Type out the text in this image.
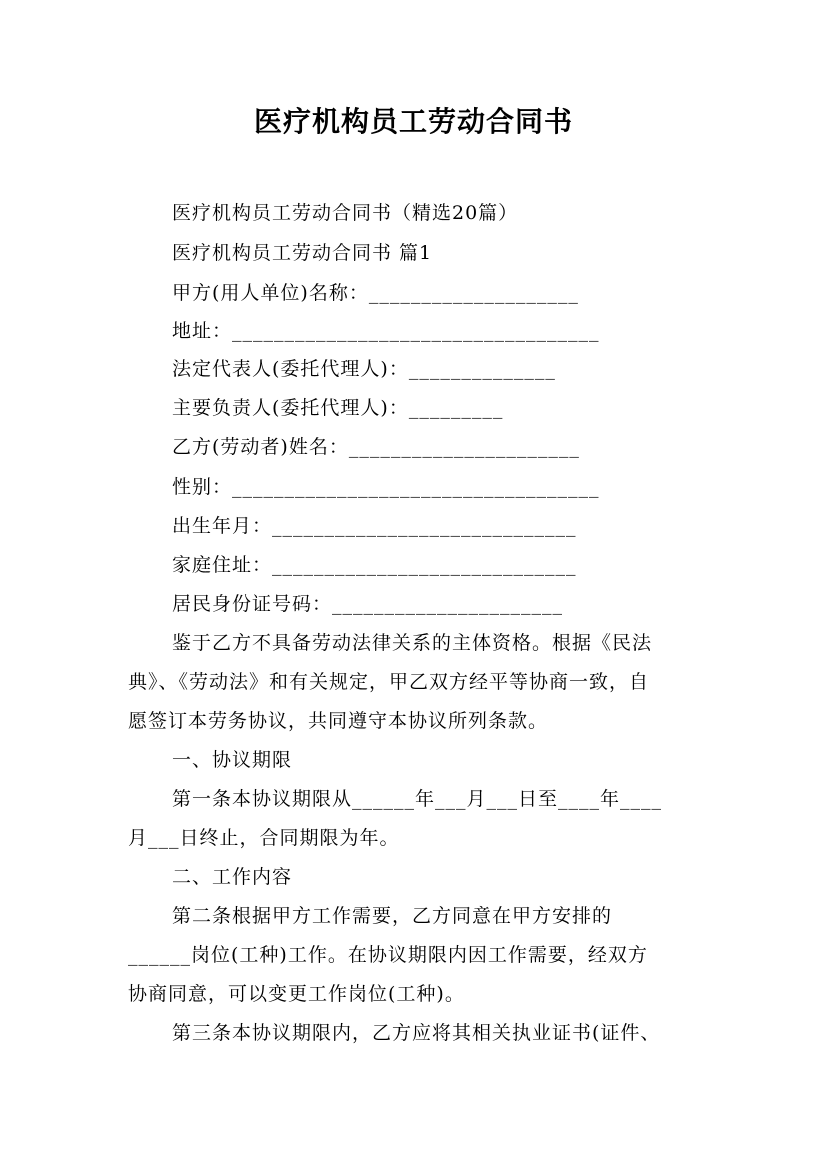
医疗机构员工劳动合同书
医疗机构员工劳动合同书（精选20篇）
医疗机构员工劳动合同书 篇1
甲方(用人单位)名称：____________________
地址：___________________________________
法定代表人(委托代理人)：______________
主要负责人(委托代理人)：_________
乙方(劳动者)姓名：______________________
性别：___________________________________
出生年月：_____________________________
家庭住址：_____________________________
居民身份证号码：______________________
鉴于乙方不具备劳动法律关系的主体资格。根据《民法
典》、《劳动法》和有关规定，甲乙双方经平等协商一致，自
愿签订本劳务协议，共同遵守本协议所列条款。
一、协议期限
第一条本协议期限从______年___月___日至____年____
月___日终止，合同期限为年。
二、工作内容
第二条根据甲方工作需要，乙方同意在甲方安排的
______岗位(工种)工作。在协议期限内因工作需要，经双方
协商同意，可以变更工作岗位(工种)。
第三条本协议期限内，乙方应将其相关执业证书(证件、
